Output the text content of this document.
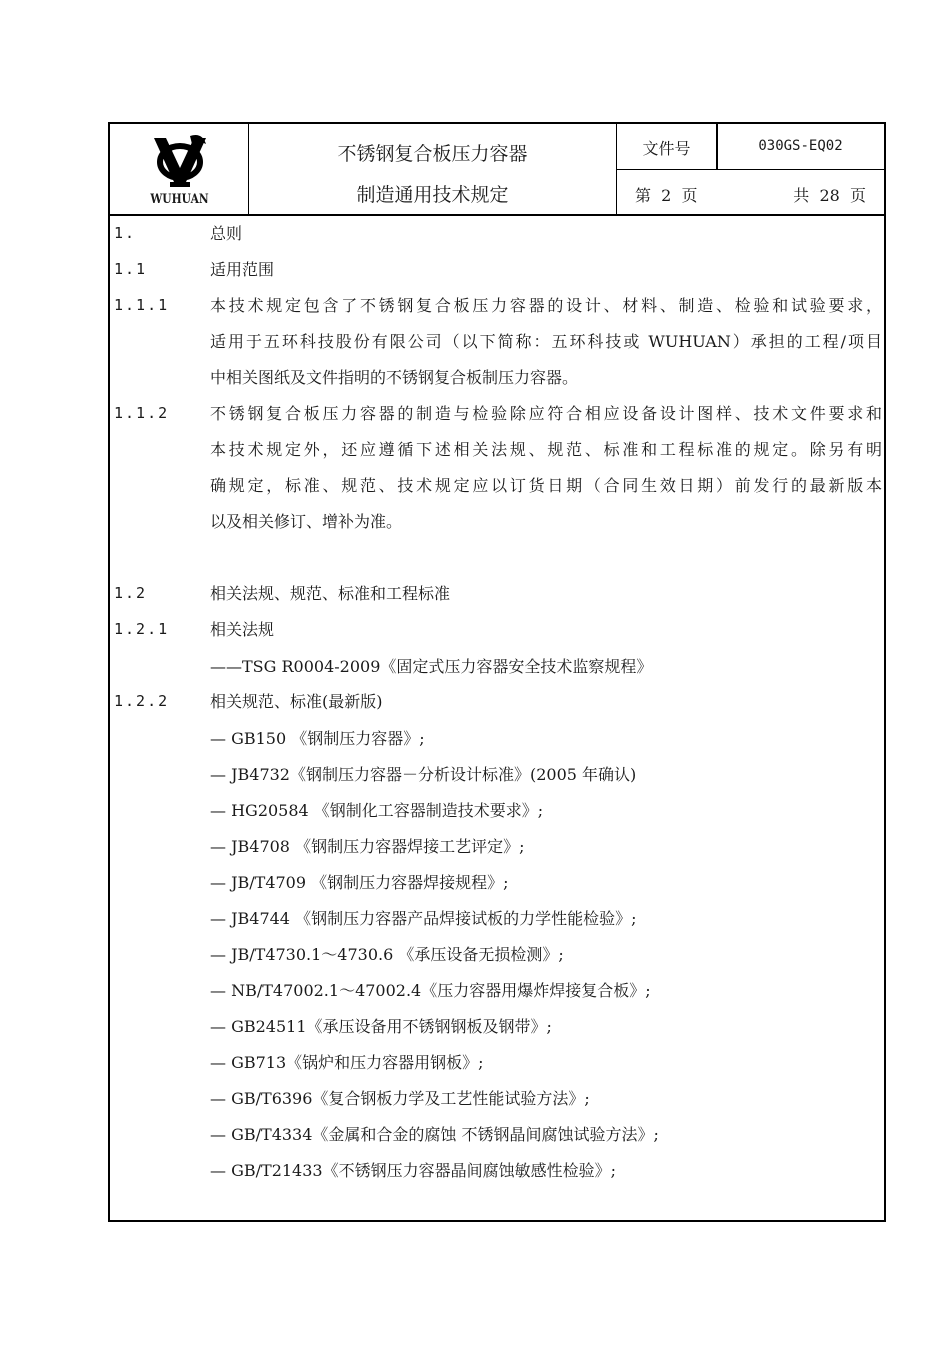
WUHUAN
不锈钢复合板压力容器
制造通用技术规定
文件号	030GS-EQ02
第  2  页	共  28  页
1.	总则
1.1	适用范围
1.1.1	本技术规定包含了不锈钢复合板压力容器的设计、材料、制造、检验和试验要求，
适用于五环科技股份有限公司（以下简称：五环科技或 WUHUAN）承担的工程/项目
中相关图纸及文件指明的不锈钢复合板制压力容器。
1.1.2	不锈钢复合板压力容器的制造与检验除应符合相应设备设计图样、技术文件要求和
本技术规定外，还应遵循下述相关法规、规范、标准和工程标准的规定。除另有明
确规定，标准、规范、技术规定应以订货日期（合同生效日期）前发行的最新版本
以及相关修订、增补为准。
1.2	相关法规、规范、标准和工程标准
1.2.1	相关法规
——TSG R0004-2009《固定式压力容器安全技术监察规程》
1.2.2	相关规范、标准(最新版)
— GB150 《钢制压力容器》;
— JB4732《钢制压力容器－分析设计标准》(2005 年确认)
— HG20584 《钢制化工容器制造技术要求》;
— JB4708 《钢制压力容器焊接工艺评定》;
— JB/T4709 《钢制压力容器焊接规程》;
— JB4744 《钢制压力容器产品焊接试板的力学性能检验》;
— JB/T4730.1～4730.6 《承压设备无损检测》;
— NB/T47002.1～47002.4《压力容器用爆炸焊接复合板》;
— GB24511《承压设备用不锈钢钢板及钢带》;
— GB713《锅炉和压力容器用钢板》;
— GB/T6396《复合钢板力学及工艺性能试验方法》;
— GB/T4334《金属和合金的腐蚀 不锈钢晶间腐蚀试验方法》;
— GB/T21433《不锈钢压力容器晶间腐蚀敏感性检验》;
